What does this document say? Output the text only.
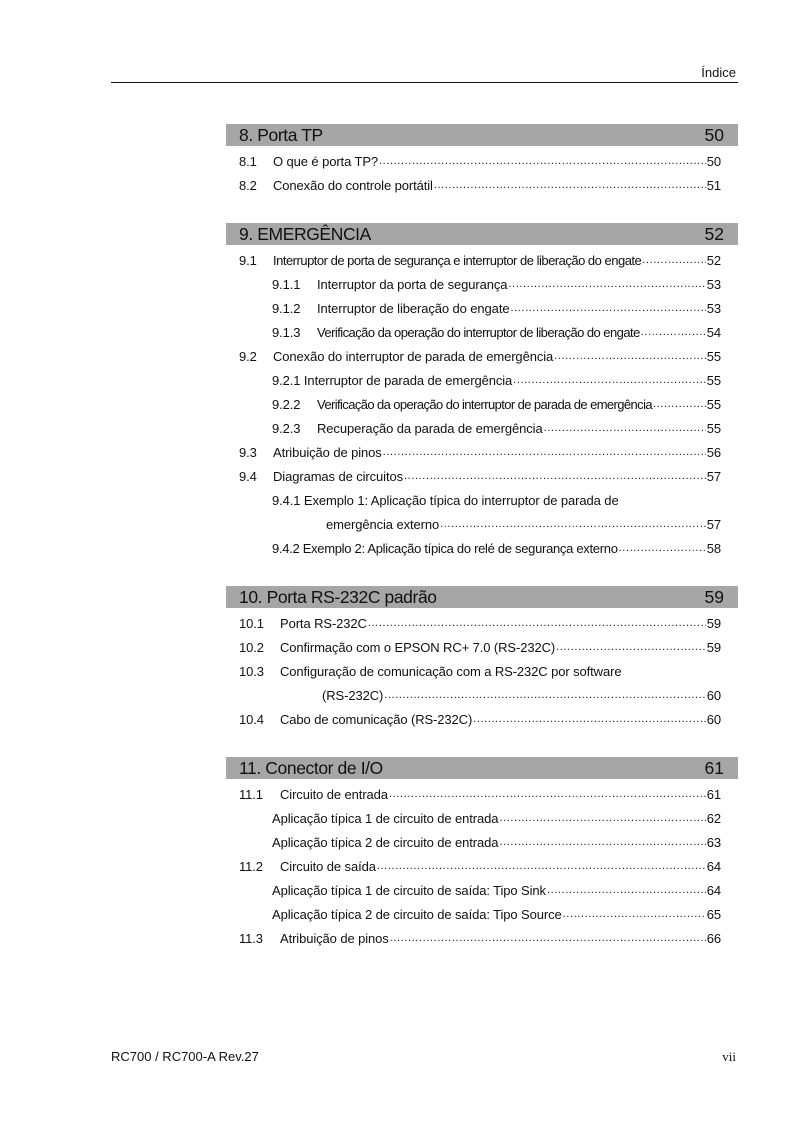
Índice
8. Porta TP	50
8.1 O que é porta TP? .....	50
8.2 Conexão do controle portátil .....	51
9. EMERGÊNCIA	52
9.1 Interruptor de porta de segurança e interruptor de liberação do engate .....	52
9.1.1 Interruptor da porta de segurança .....	53
9.1.2 Interruptor de liberação do engate .....	53
9.1.3 Verificação da operação do interruptor de liberação do engate .....	54
9.2 Conexão do interruptor de parada de emergência .....	55
9.2.1 Interruptor de parada de emergência .....	55
9.2.2 Verificação da operação do interruptor de parada de emergência .....	55
9.2.3 Recuperação da parada de emergência .....	55
9.3 Atribuição de pinos .....	56
9.4 Diagramas de circuitos .....	57
9.4.1 Exemplo 1: Aplicação típica do interruptor de parada de
emergência externo .....	57
9.4.2 Exemplo 2: Aplicação típica do relé de segurança externo .....	58
10. Porta RS-232C padrão	59
10.1 Porta RS-232C .....	59
10.2 Confirmação com o EPSON RC+ 7.0 (RS-232C) .....	59
10.3 Configuração de comunicação com a RS-232C por software
(RS-232C) .....	60
10.4 Cabo de comunicação (RS-232C) .....	60
11. Conector de I/O	61
11.1 Circuito de entrada .....	61
Aplicação típica 1 de circuito de entrada .....	62
Aplicação típica 2 de circuito de entrada .....	63
11.2 Circuito de saída .....	64
Aplicação típica 1 de circuito de saída: Tipo Sink .....	64
Aplicação típica 2 de circuito de saída: Tipo Source .....	65
11.3 Atribuição de pinos .....	66
RC700 / RC700-A Rev.27	vii
